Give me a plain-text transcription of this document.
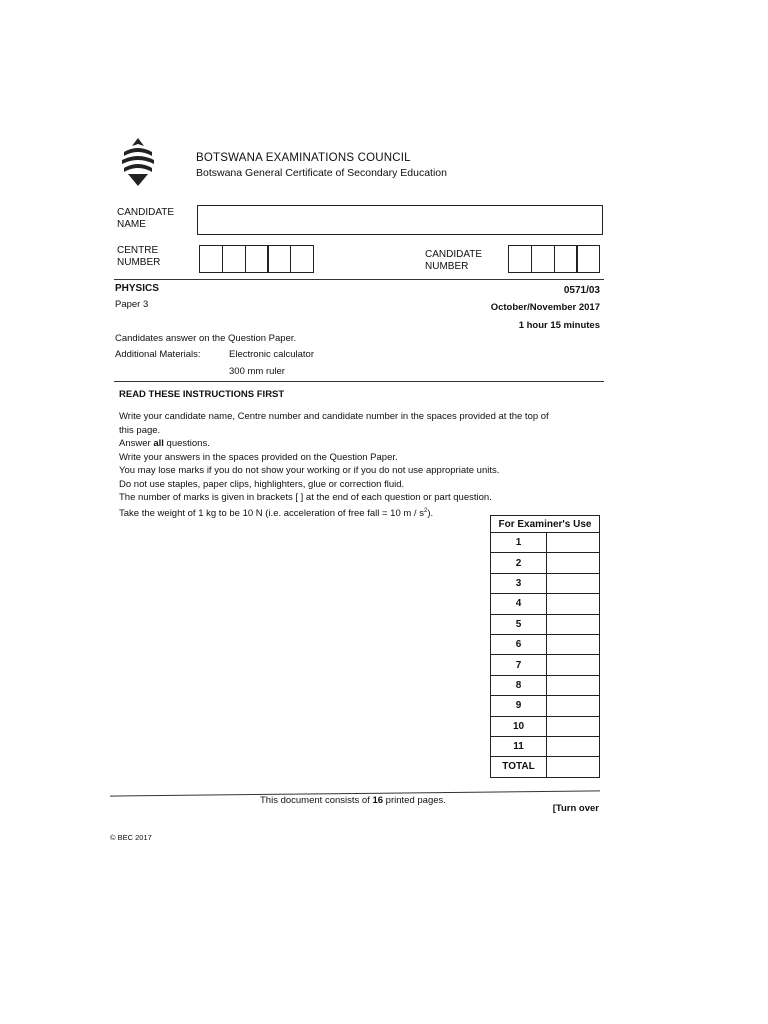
BOTSWANA EXAMINATIONS COUNCIL
Botswana General Certificate of Secondary Education
CANDIDATE
NAME
CENTRE
NUMBER
CANDIDATE
NUMBER
PHYSICS
Paper 3
0571/03
October/November 2017
1 hour 15 minutes
Candidates answer on the Question Paper.
Additional Materials:	Electronic calculator
300 mm ruler
READ THESE INSTRUCTIONS FIRST
Write your candidate name, Centre number and candidate number in the spaces provided at the top of
this page.
Answer all questions.
Write your answers in the spaces provided on the Question Paper.
You may lose marks if you do not show your working or if you do not use appropriate units.
Do not use staples, paper clips, highlighters, glue or correction fluid.
The number of marks is given in brackets [ ] at the end of each question or part question.
Take the weight of 1 kg to be 10 N (i.e. acceleration of free fall = 10 m / $s^2$).
For Examiner's Use	
1	
2	
3	
4	
5	
6	
7	
8	
9	
10	
11	
TOTAL	
This document consists of 16 printed pages.
[Turn over
© BEC 2017
